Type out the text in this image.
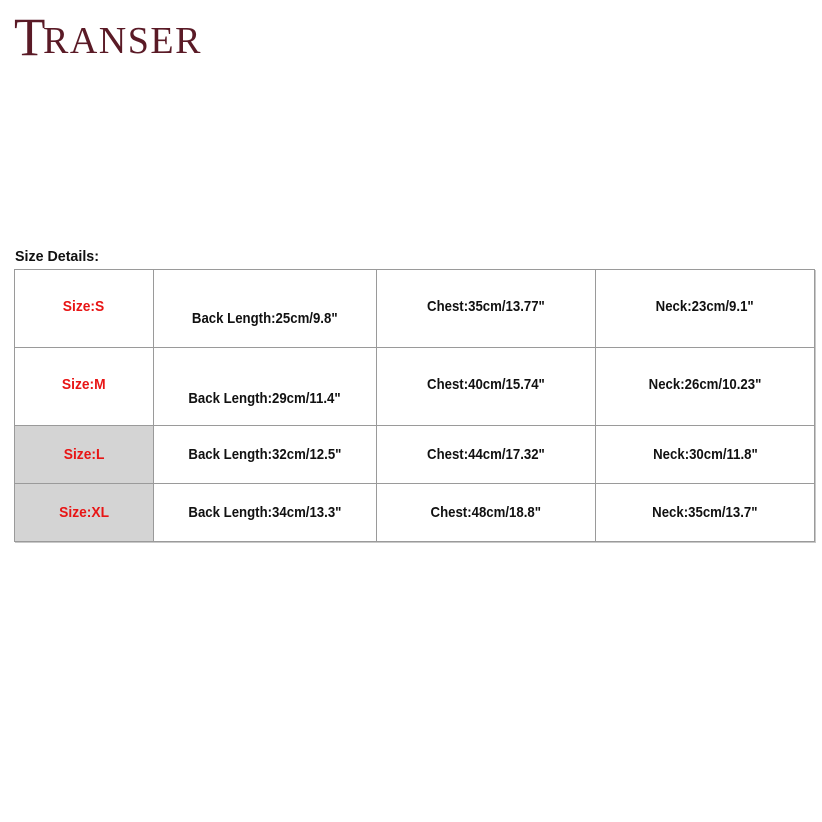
T
RANSER
Size Details:
Size:S	Back Length:25cm/9.8"	Chest:35cm/13.77"	Neck:23cm/9.1"
Size:M	Back Length:29cm/11.4"	Chest:40cm/15.74"	Neck:26cm/10.23"
Size:L	Back Length:32cm/12.5"	Chest:44cm/17.32"	Neck:30cm/11.8"
Size:XL	Back Length:34cm/13.3"	Chest:48cm/18.8"	Neck:35cm/13.7"
